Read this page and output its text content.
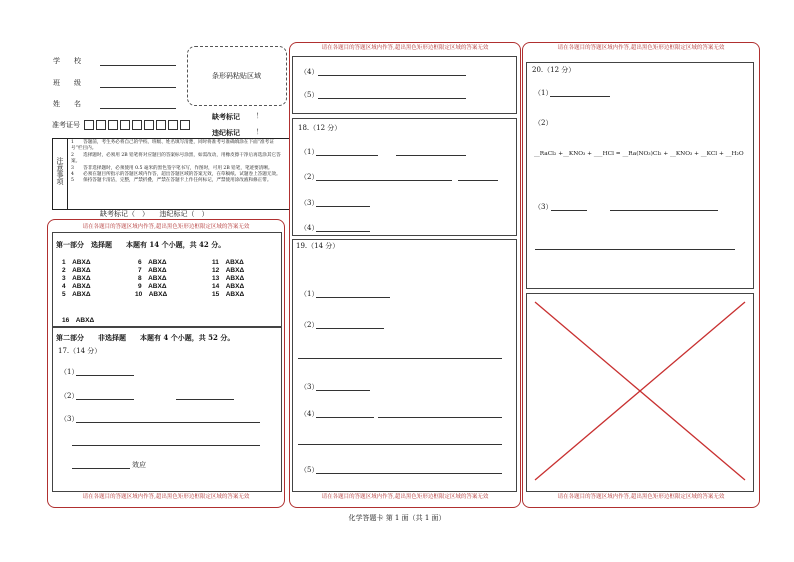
学　　校
班　　级
姓　　名
准考证号
条形码粘贴区域
缺考标记 ！
违纪标记 ！
注意事项
1　　答题前，考生务必将自己的学校、班级、姓名填写清楚，同时将准考号准确填涂在下面“准考证号”栏目内。
2　　选择题时，必须用 2B 铅笔将对应题目的答案标号涂黑，如需改动，用橡皮擦干净后再选涂其它答案。
3　　答非选择题时，必须使用 0.5 毫米的黑色签字笔书写，作图时，可用 2B 铅笔，笔迹要清晰。
4　　必须在题目所指示的答题区域内作答，超出答题区域的答案无效，在草稿纸、试题卷上答题无效。
5　　保持答题卡清洁，完整，严禁折叠，严禁在答题卡上作任何标记，严禁使用涂改液和修正带。
缺考标记（　）　　违纪标记（　）
请在各题目的答题区域内作答,超出黑色矩形边框限定区域的答案无效
第一部分　选择题　　本题有 14 个小题，共 42 分。
1　ABXΔ
2　ABXΔ
3　ABXΔ
4　ABXΔ
5　ABXΔ
6　ABXΔ
7　ABXΔ
8　ABXΔ
9　ABXΔ
10　ABXΔ
11　ABXΔ
12　ABXΔ
13　ABXΔ
14　ABXΔ
15　ABXΔ
16　ABXΔ
第二部分　　非选择题　　本题有 4 个小题，共 52 分。
17.（14 分）
（1）
（2）
（3）
效应
请在各题目的答题区域内作答,超出黑色矩形边框限定区域的答案无效
请在各题目的答题区域内作答,超出黑色矩形边框限定区域的答案无效
（4）
（5）
18.（12 分）
（1）
（2）
（3）
（4）
19.（14 分）
（1）
（2）
（3）
（4）
（5）
请在各题目的答题区域内作答,超出黑色矩形边框限定区域的答案无效
请在各题目的答题区域内作答,超出黑色矩形边框限定区域的答案无效
20.（12 分）
（1）
（2）
__RaCl₂ +__KNO₃ + ___HCl = __Ra(NO₃)Cl₂ + __KNO₃ + __KCl + __H₂O
（3）
请在各题目的答题区域内作答,超出黑色矩形边框限定区域的答案无效
化学答题卡 第 1 面（共 1 面）
